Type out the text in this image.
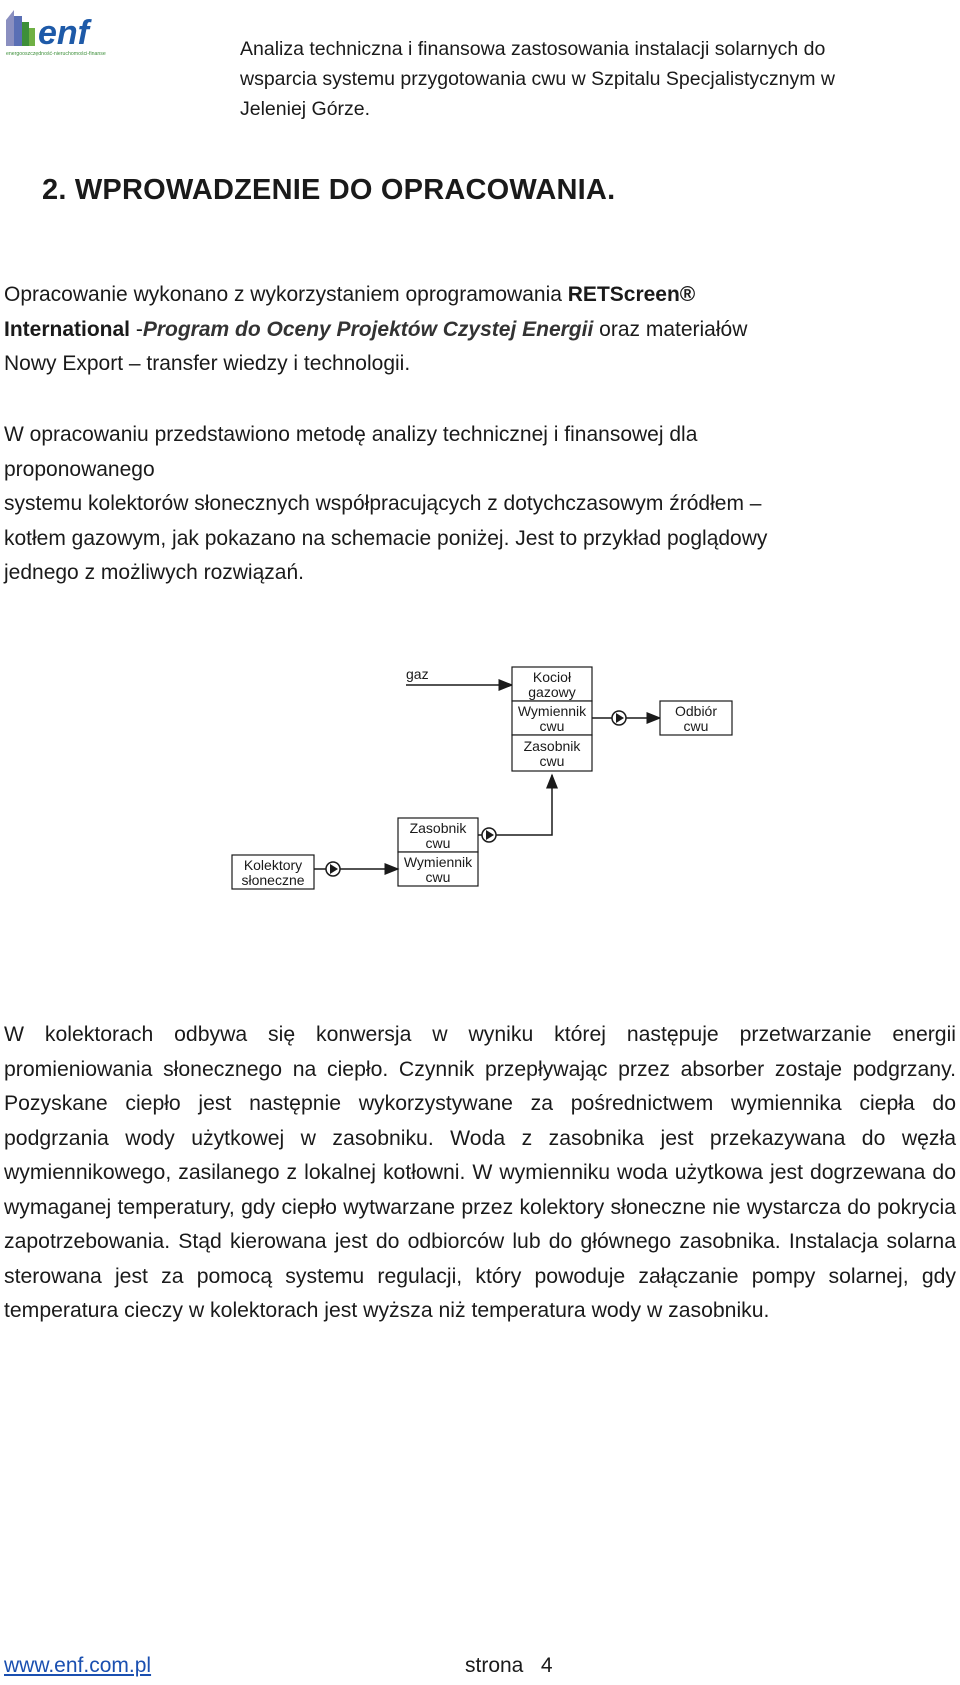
enf
energooszczędność-nieruchomości-finanse	Analiza techniczna i finansowa zastosowania instalacji solarnych do
wsparcia systemu przygotowania cwu w Szpitalu Specjalistycznym w
Jeleniej Górze.
2. WPROWADZENIE DO OPRACOWANIA.

Opracowanie wykonano z wykorzystaniem oprogramowania RETScreen®
International -Program do Oceny Projektów Czystej Energii oraz materiałów
Nowy Export – transfer wiedzy i technologii.

W opracowaniu przedstawiono metodę analizy technicznej i finansowej dla
proponowanego
systemu kolektorów słonecznych współpracujących z dotychczasowym źródłem –
kotłem gazowym, jak pokazano na schemacie poniżej. Jest to przykład poglądowy
jednego z możliwych rozwiązań.

gaz	Kocioł
gazowy
Wymiennik
cwu
Zasobnik
cwu
Odbiór
cwu
Zasobnik
cwu
Wymiennik
cwu
Kolektory
słoneczne

W kolektorach odbywa się konwersja w wyniku której następuje przetwarzanie energii promieniowania słonecznego na ciepło. Czynnik przepływając przez absorber zostaje podgrzany. Pozyskane ciepło jest następnie wykorzystywane za pośrednictwem wymiennika ciepła do podgrzania wody użytkowej w zasobniku. Woda z zasobnika jest przekazywana do węzła wymiennikowego, zasilanego z lokalnej kotłowni. W wymienniku woda użytkowa jest dogrzewana do wymaganej temperatury, gdy ciepło wytwarzane przez kolektory słoneczne nie wystarcza do pokrycia zapotrzebowania. Stąd kierowana jest do odbiorców lub do głównego zasobnika. Instalacja solarna sterowana jest za pomocą systemu regulacji, który powoduje załączanie pompy solarnej, gdy temperatura cieczy w kolektorach jest wyższa niż temperatura wody w zasobniku.

www.enf.com.pl	strona   4
